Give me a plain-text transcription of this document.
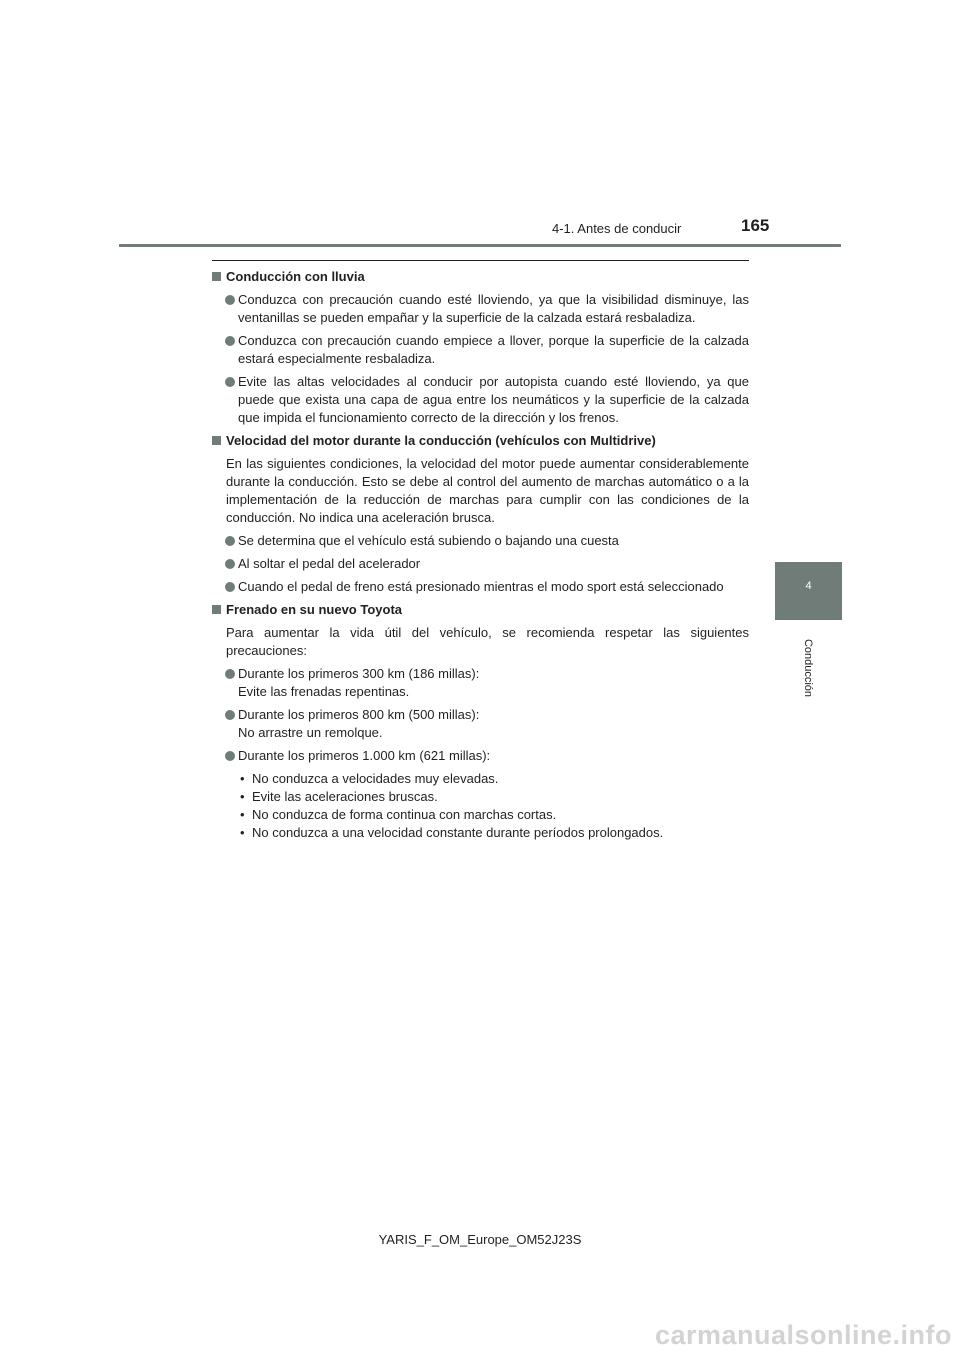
4-1. Antes de conducir	165
4
Conducción
Conducción con lluvia
Conduzca con precaución cuando esté lloviendo, ya que la visibilidad disminuye, las ventanillas se pueden empañar y la superficie de la calzada estará resbaladiza.
Conduzca con precaución cuando empiece a llover, porque la superficie de la calzada estará especialmente resbaladiza.
Evite las altas velocidades al conducir por autopista cuando esté lloviendo, ya que puede que exista una capa de agua entre los neumáticos y la superficie de la calzada que impida el funcionamiento correcto de la dirección y los frenos.
Velocidad del motor durante la conducción (vehículos con Multidrive)
En las siguientes condiciones, la velocidad del motor puede aumentar considerablemente durante la conducción. Esto se debe al control del aumento de marchas automático o a la implementación de la reducción de marchas para cumplir con las condiciones de la conducción. No indica una aceleración brusca.
Se determina que el vehículo está subiendo o bajando una cuesta
Al soltar el pedal del acelerador
Cuando el pedal de freno está presionado mientras el modo sport está seleccionado
Frenado en su nuevo Toyota
Para aumentar la vida útil del vehículo, se recomienda respetar las siguientes precauciones:
Durante los primeros 300 km (186 millas):
Evite las frenadas repentinas.
Durante los primeros 800 km (500 millas):
No arrastre un remolque.
Durante los primeros 1.000 km (621 millas):
• No conduzca a velocidades muy elevadas.
• Evite las aceleraciones bruscas.
• No conduzca de forma continua con marchas cortas.
• No conduzca a una velocidad constante durante períodos prolongados.
YARIS_F_OM_Europe_OM52J23S
carmanualsonline.info
